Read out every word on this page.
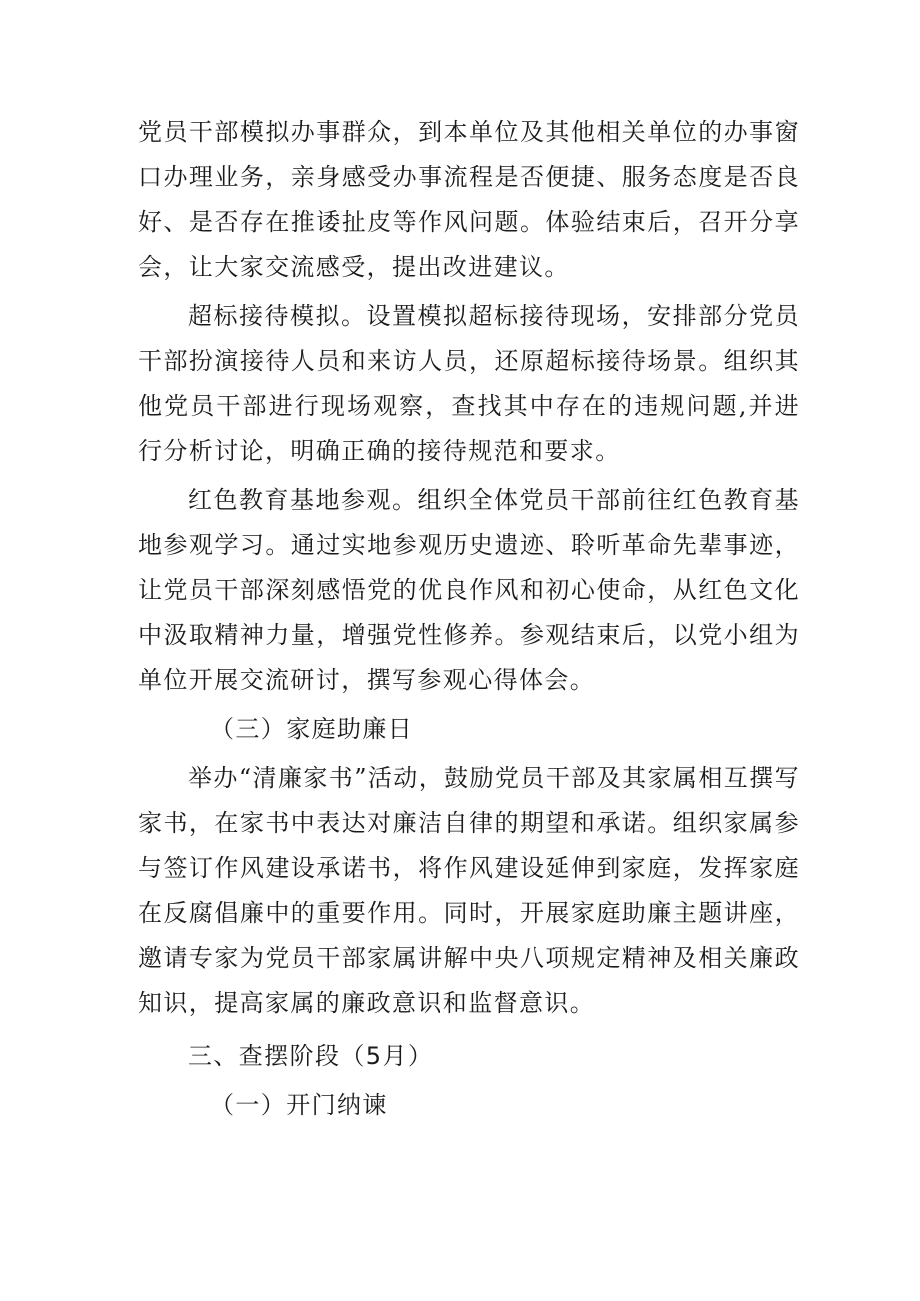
党员干部模拟办事群众，到本单位及其他相关单位的办事窗口办理业务，亲身感受办事流程是否便捷、服务态度是否良好、是否存在推诿扯皮等作风问题。体验结束后，召开分享会，让大家交流感受，提出改进建议。

超标接待模拟。设置模拟超标接待现场，安排部分党员干部扮演接待人员和来访人员，还原超标接待场景。组织其他党员干部进行现场观察，查找其中存在的违规问题,并进行分析讨论，明确正确的接待规范和要求。

红色教育基地参观。组织全体党员干部前往红色教育基地参观学习。通过实地参观历史遗迹、聆听革命先辈事迹，让党员干部深刻感悟党的优良作风和初心使命，从红色文化中汲取精神力量，增强党性修养。参观结束后，以党小组为单位开展交流研讨，撰写参观心得体会。

（三）家庭助廉日

举办“清廉家书”活动，鼓励党员干部及其家属相互撰写家书，在家书中表达对廉洁自律的期望和承诺。组织家属参与签订作风建设承诺书，将作风建设延伸到家庭，发挥家庭在反腐倡廉中的重要作用。同时，开展家庭助廉主题讲座，邀请专家为党员干部家属讲解中央八项规定精神及相关廉政知识，提高家属的廉政意识和监督意识。

三、查摆阶段（5月）
（一）开门纳谏
